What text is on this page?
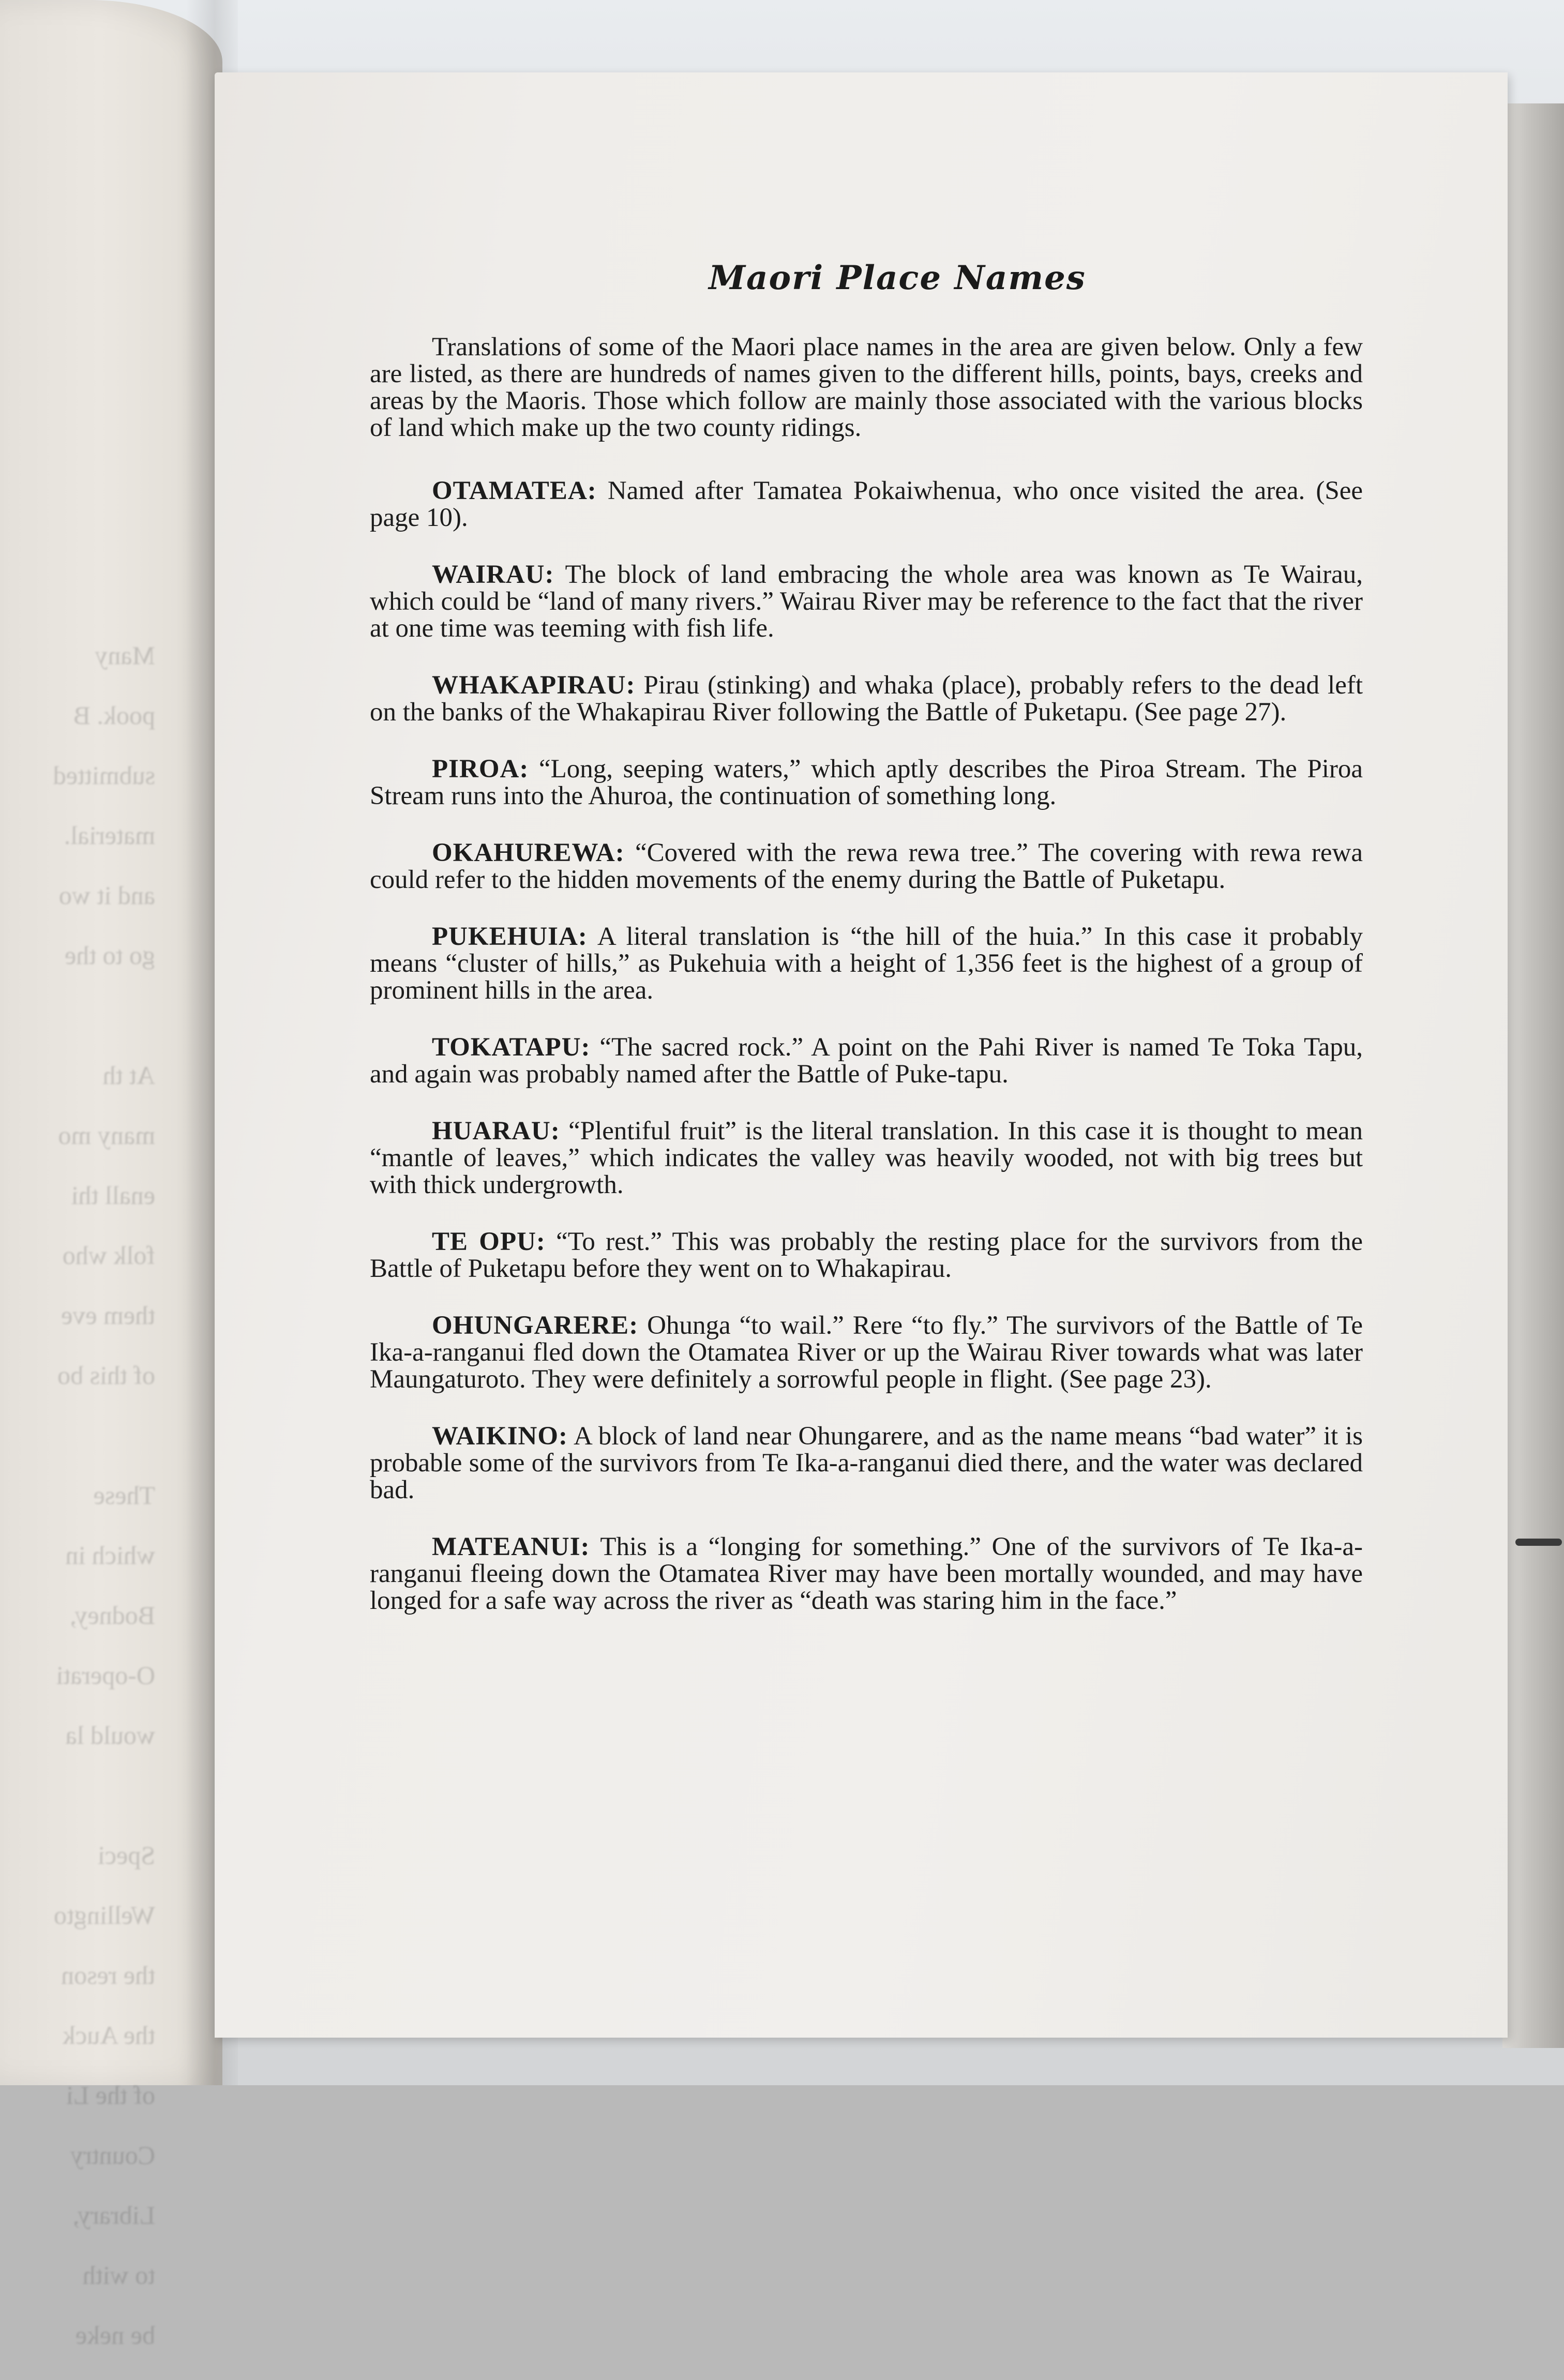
Many

pook. B

submitted

material.

and it wo

go to the

At th

many mo

enall thi

folk who

them eve

of this bo

These

which in

Bodney,

O-operati

would la

Speci

Wellingto

the reson

the Auck

of the Li

Country

Library,

to with

be neke

Maori Place Names

Translations of some of the Maori place names in the area are given below. Only a few are listed, as there are hundreds of names given to the different hills, points, bays, creeks and areas by the Maoris. Those which follow are mainly those associated with the various blocks of land which make up the two county ridings.

OTAMATEA: Named after Tamatea Pokaiwhenua, who once visited the area. (See page 10).

WAIRAU: The block of land embracing the whole area was known as Te Wairau, which could be “land of many rivers.” Wairau River may be reference to the fact that the river at one time was teeming with fish life.

WHAKAPIRAU: Pirau (stinking) and whaka (place), probably refers to the dead left on the banks of the Whakapirau River following the Battle of Puketapu. (See page 27).

PIROA: “Long, seeping waters,” which aptly describes the Piroa Stream. The Piroa Stream runs into the Ahuroa, the continuation of something long.

OKAHUREWA: “Covered with the rewa rewa tree.” The covering with rewa rewa could refer to the hidden movements of the enemy during the Battle of Puketapu.

PUKEHUIA: A literal translation is “the hill of the huia.” In this case it probably means “cluster of hills,” as Pukehuia with a height of 1,356 feet is the highest of a group of prominent hills in the area.

TOKATAPU: “The sacred rock.” A point on the Pahi River is named Te Toka Tapu, and again was probably named after the Battle of Puke-tapu.

HUARAU: “Plentiful fruit” is the literal translation. In this case it is thought to mean “mantle of leaves,” which indicates the valley was heavily wooded, not with big trees but with thick undergrowth.

TE OPU: “To rest.” This was probably the resting place for the survivors from the Battle of Puketapu before they went on to Whakapirau.

OHUNGARERE: Ohunga “to wail.” Rere “to fly.” The survivors of the Battle of Te Ika-a-ranganui fled down the Otamatea River or up the Wairau River towards what was later Maungaturoto. They were definitely a sorrowful people in flight. (See page 23).

WAIKINO: A block of land near Ohungarere, and as the name means “bad water” it is probable some of the survivors from Te Ika-a-ranganui died there, and the water was declared bad.

MATEANUI: This is a “longing for something.” One of the survivors of Te Ika-a-ranganui fleeing down the Otamatea River may have been mortally wounded, and may have longed for a safe way across the river as “death was staring him in the face.”
